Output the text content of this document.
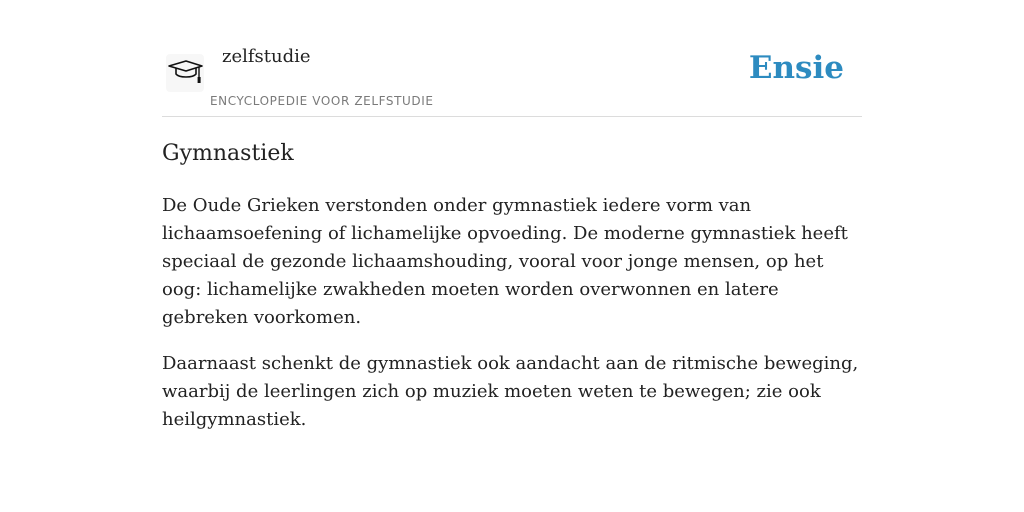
zelfstudie
ENCYCLOPEDIE VOOR ZELFSTUDIE
Ensie
Gymnastiek

De Oude Grieken verstonden onder gymnastiek iedere vorm van lichaamsoefening of lichamelijke opvoeding. De moderne gymnastiek heeft speciaal de gezonde lichaamshouding, vooral voor jonge mensen, op het oog: lichamelijke zwakheden moeten worden overwonnen en latere gebreken voorkomen.

Daarnaast schenkt de gymnastiek ook aandacht aan de ritmische beweging, waarbij de leerlingen zich op muziek moeten weten te bewegen; zie ook heilgymnastiek.
